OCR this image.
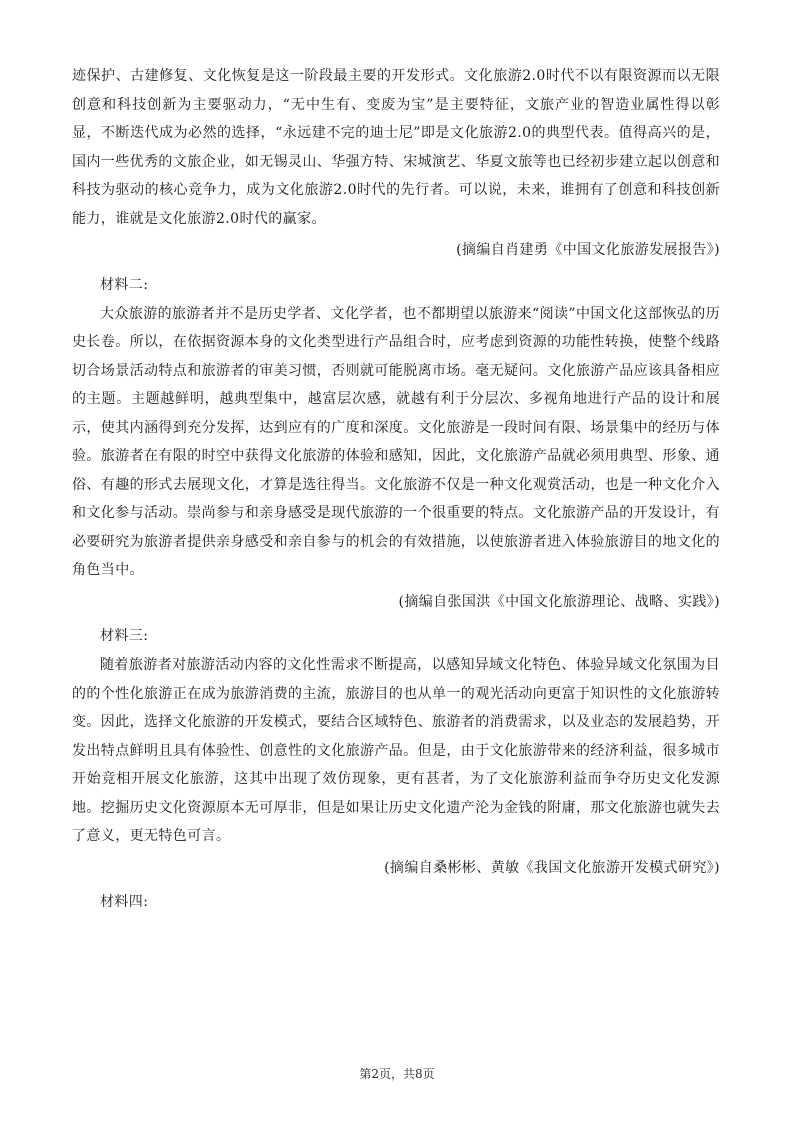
迹保护、古建修复、文化恢复是这一阶段最主要的开发形式。文化旅游2.0时代不以有限资源而以无限创意和科技创新为主要驱动力，“无中生有、变废为宝”是主要特征，文旅产业的智造业属性得以彰显，不断迭代成为必然的选择，“永远建不完的迪士尼”即是文化旅游2.0的典型代表。值得高兴的是，国内一些优秀的文旅企业，如无锡灵山、华强方特、宋城演艺、华夏文旅等也已经初步建立起以创意和科技为驱动的核心竞争力，成为文化旅游2.0时代的先行者。可以说，未来，谁拥有了创意和科技创新能力，谁就是文化旅游2.0时代的赢家。

(摘编自肖建勇《中国文化旅游发展报告》)

材料二:

大众旅游的旅游者并不是历史学者、文化学者，也不都期望以旅游来“阅读”中国文化这部恢弘的历史长卷。所以，在依据资源本身的文化类型进行产品组合时，应考虑到资源的功能性转换，使整个线路切合场景活动特点和旅游者的审美习惯，否则就可能脱离市场。毫无疑问。文化旅游产品应该具备相应的主题。主题越鲜明，越典型集中，越富层次感，就越有利于分层次、多视角地进行产品的设计和展示，使其内涵得到充分发挥，达到应有的广度和深度。文化旅游是一段时间有限、场景集中的经历与体验。旅游者在有限的时空中获得文化旅游的体验和感知，因此，文化旅游产品就必须用典型、形象、通俗、有趣的形式去展现文化，才算是选往得当。文化旅游不仅是一种文化观赏活动，也是一种文化介入和文化参与活动。崇尚参与和亲身感受是现代旅游的一个很重要的特点。文化旅游产品的开发设计，有必要研究为旅游者提供亲身感受和亲自参与的机会的有效措施，以使旅游者进入体验旅游目的地文化的角色当中。

(摘编自张国洪《中国文化旅游理论、战略、实践》)

材料三:

随着旅游者对旅游活动内容的文化性需求不断提高，以感知异域文化特色、体验异域文化氛围为目的的个性化旅游正在成为旅游消费的主流，旅游目的也从单一的观光活动向更富于知识性的文化旅游转变。因此，选择文化旅游的开发模式，要结合区域特色、旅游者的消费需求，以及业态的发展趋势，开发出特点鲜明且具有体验性、创意性的文化旅游产品。但是，由于文化旅游带来的经济利益，很多城市开始竞相开展文化旅游，这其中出现了效仿现象，更有甚者，为了文化旅游利益而争夺历史文化发源地。挖掘历史文化资源原本无可厚非，但是如果让历史文化遗产沦为金钱的附庸，那文化旅游也就失去了意义，更无特色可言。

(摘编自桑彬彬、黄敏《我国文化旅游开发模式研究》)

材料四:

第2页，共8页
